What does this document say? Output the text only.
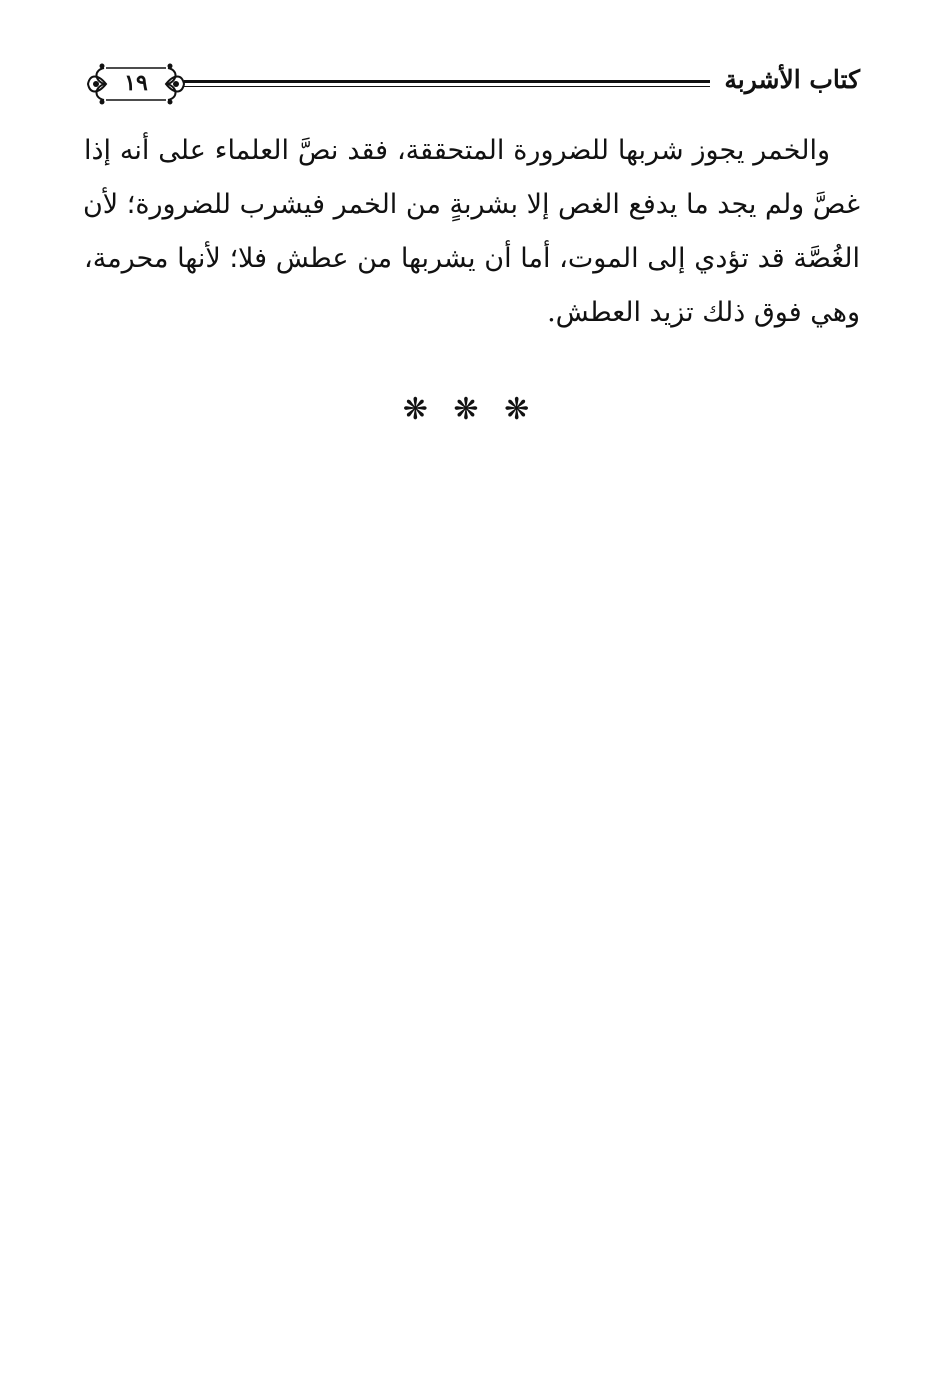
١٩	كتاب الأشربة
والخمر يجوز شربها للضرورة المتحققة، فقد نصَّ العلماء على أنه إذا
غصَّ ولم يجد ما يدفع الغص إلا بشربةٍ من الخمر فيشرب للضرورة؛ لأن
الغُصَّة قد تؤدي إلى الموت، أما أن يشربها من عطش فلا؛ لأنها محرمة،
وهي فوق ذلك تزيد العطش.
❋ ❋ ❋
